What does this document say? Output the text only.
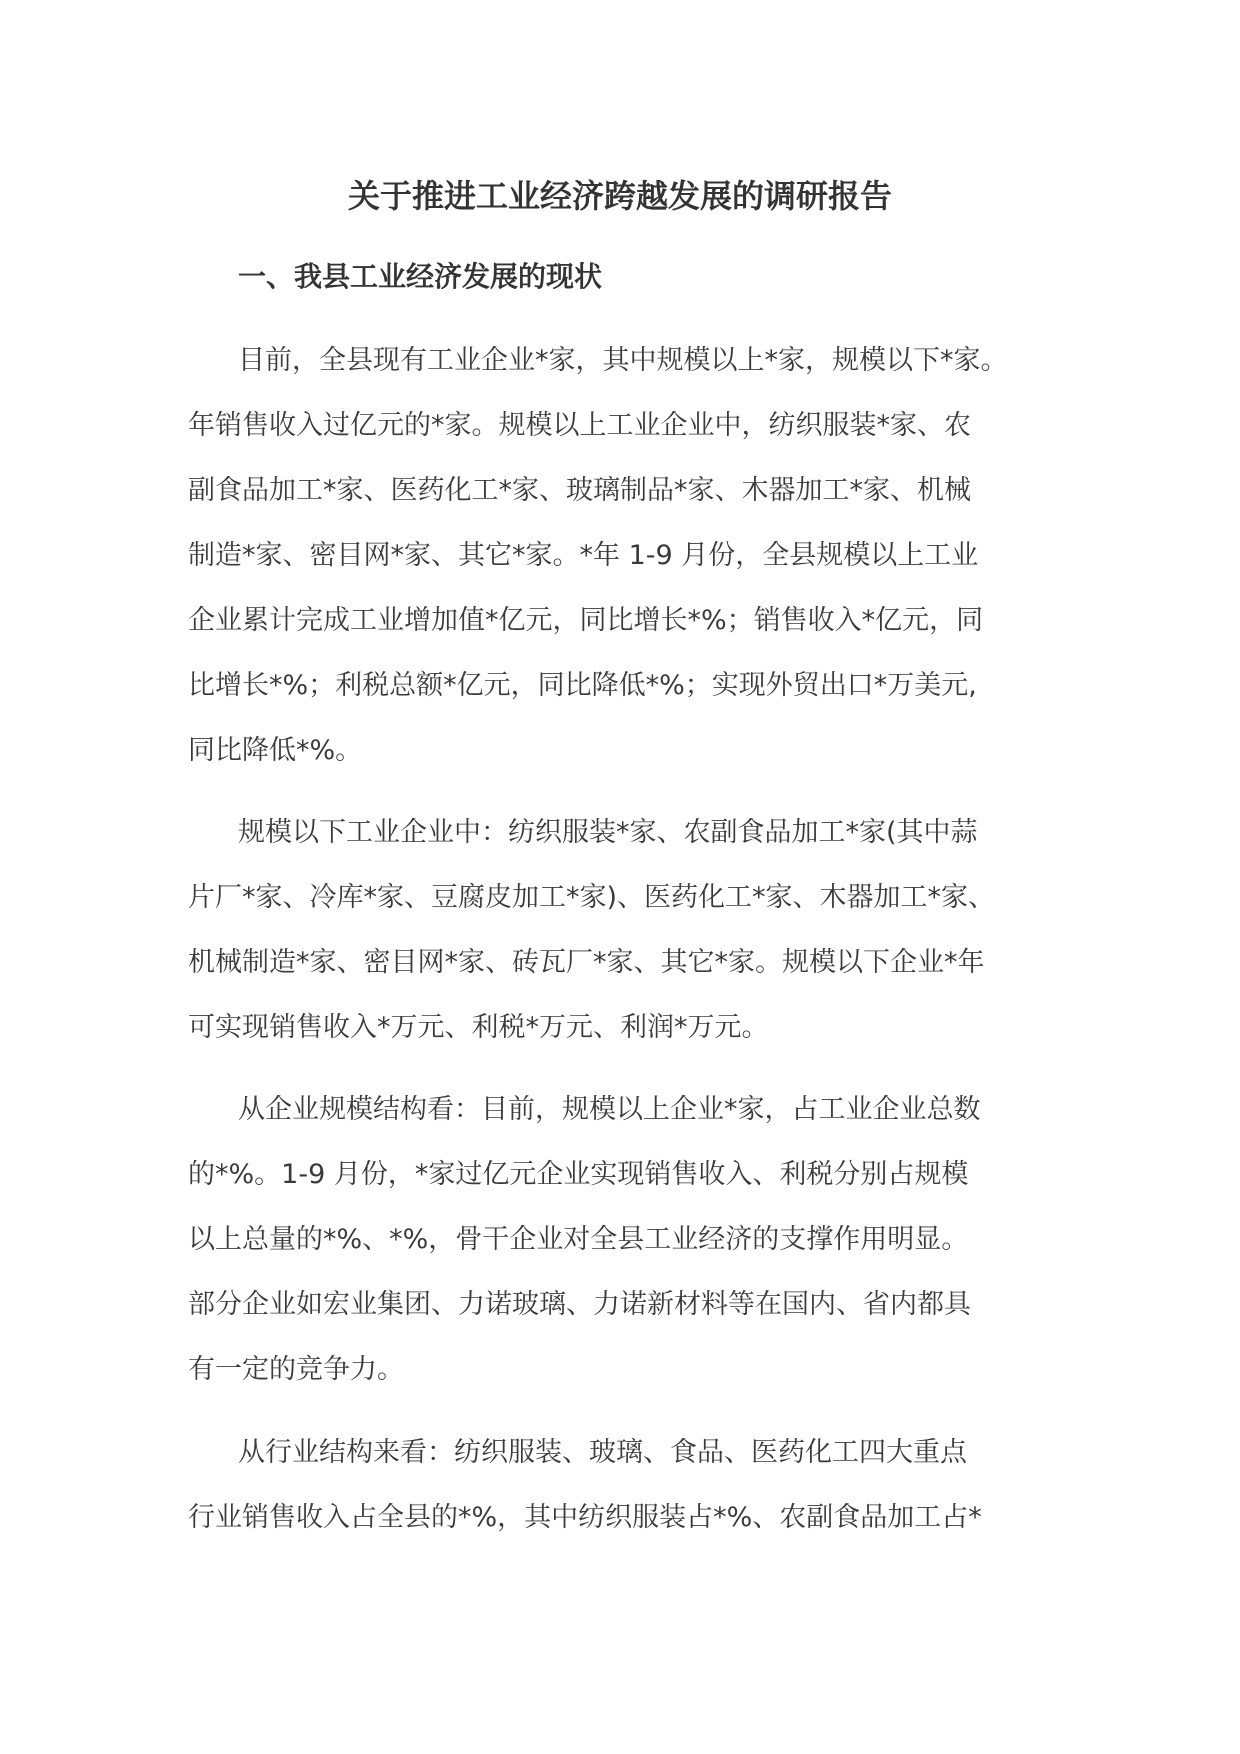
关于推进工业经济跨越发展的调研报告
一、我县工业经济发展的现状
目前，全县现有工业企业*家，其中规模以上*家，规模以下*家。
年销售收入过亿元的*家。规模以上工业企业中，纺织服装*家、农
副食品加工*家、医药化工*家、玻璃制品*家、木器加工*家、机械
制造*家、密目网*家、其它*家。*年 1-9 月份，全县规模以上工业
企业累计完成工业增加值*亿元，同比增长*%；销售收入*亿元，同
比增长*%；利税总额*亿元，同比降低*%；实现外贸出口*万美元,
同比降低*%。
规模以下工业企业中：纺织服装*家、农副食品加工*家(其中蒜
片厂*家、冷库*家、豆腐皮加工*家)、医药化工*家、木器加工*家、
机械制造*家、密目网*家、砖瓦厂*家、其它*家。规模以下企业*年
可实现销售收入*万元、利税*万元、利润*万元。
从企业规模结构看：目前，规模以上企业*家，占工业企业总数
的*%。1-9 月份，*家过亿元企业实现销售收入、利税分别占规模
以上总量的*%、*%，骨干企业对全县工业经济的支撑作用明显。
部分企业如宏业集团、力诺玻璃、力诺新材料等在国内、省内都具
有一定的竞争力。
从行业结构来看：纺织服装、玻璃、食品、医药化工四大重点
行业销售收入占全县的*%，其中纺织服装占*%、农副食品加工占*
